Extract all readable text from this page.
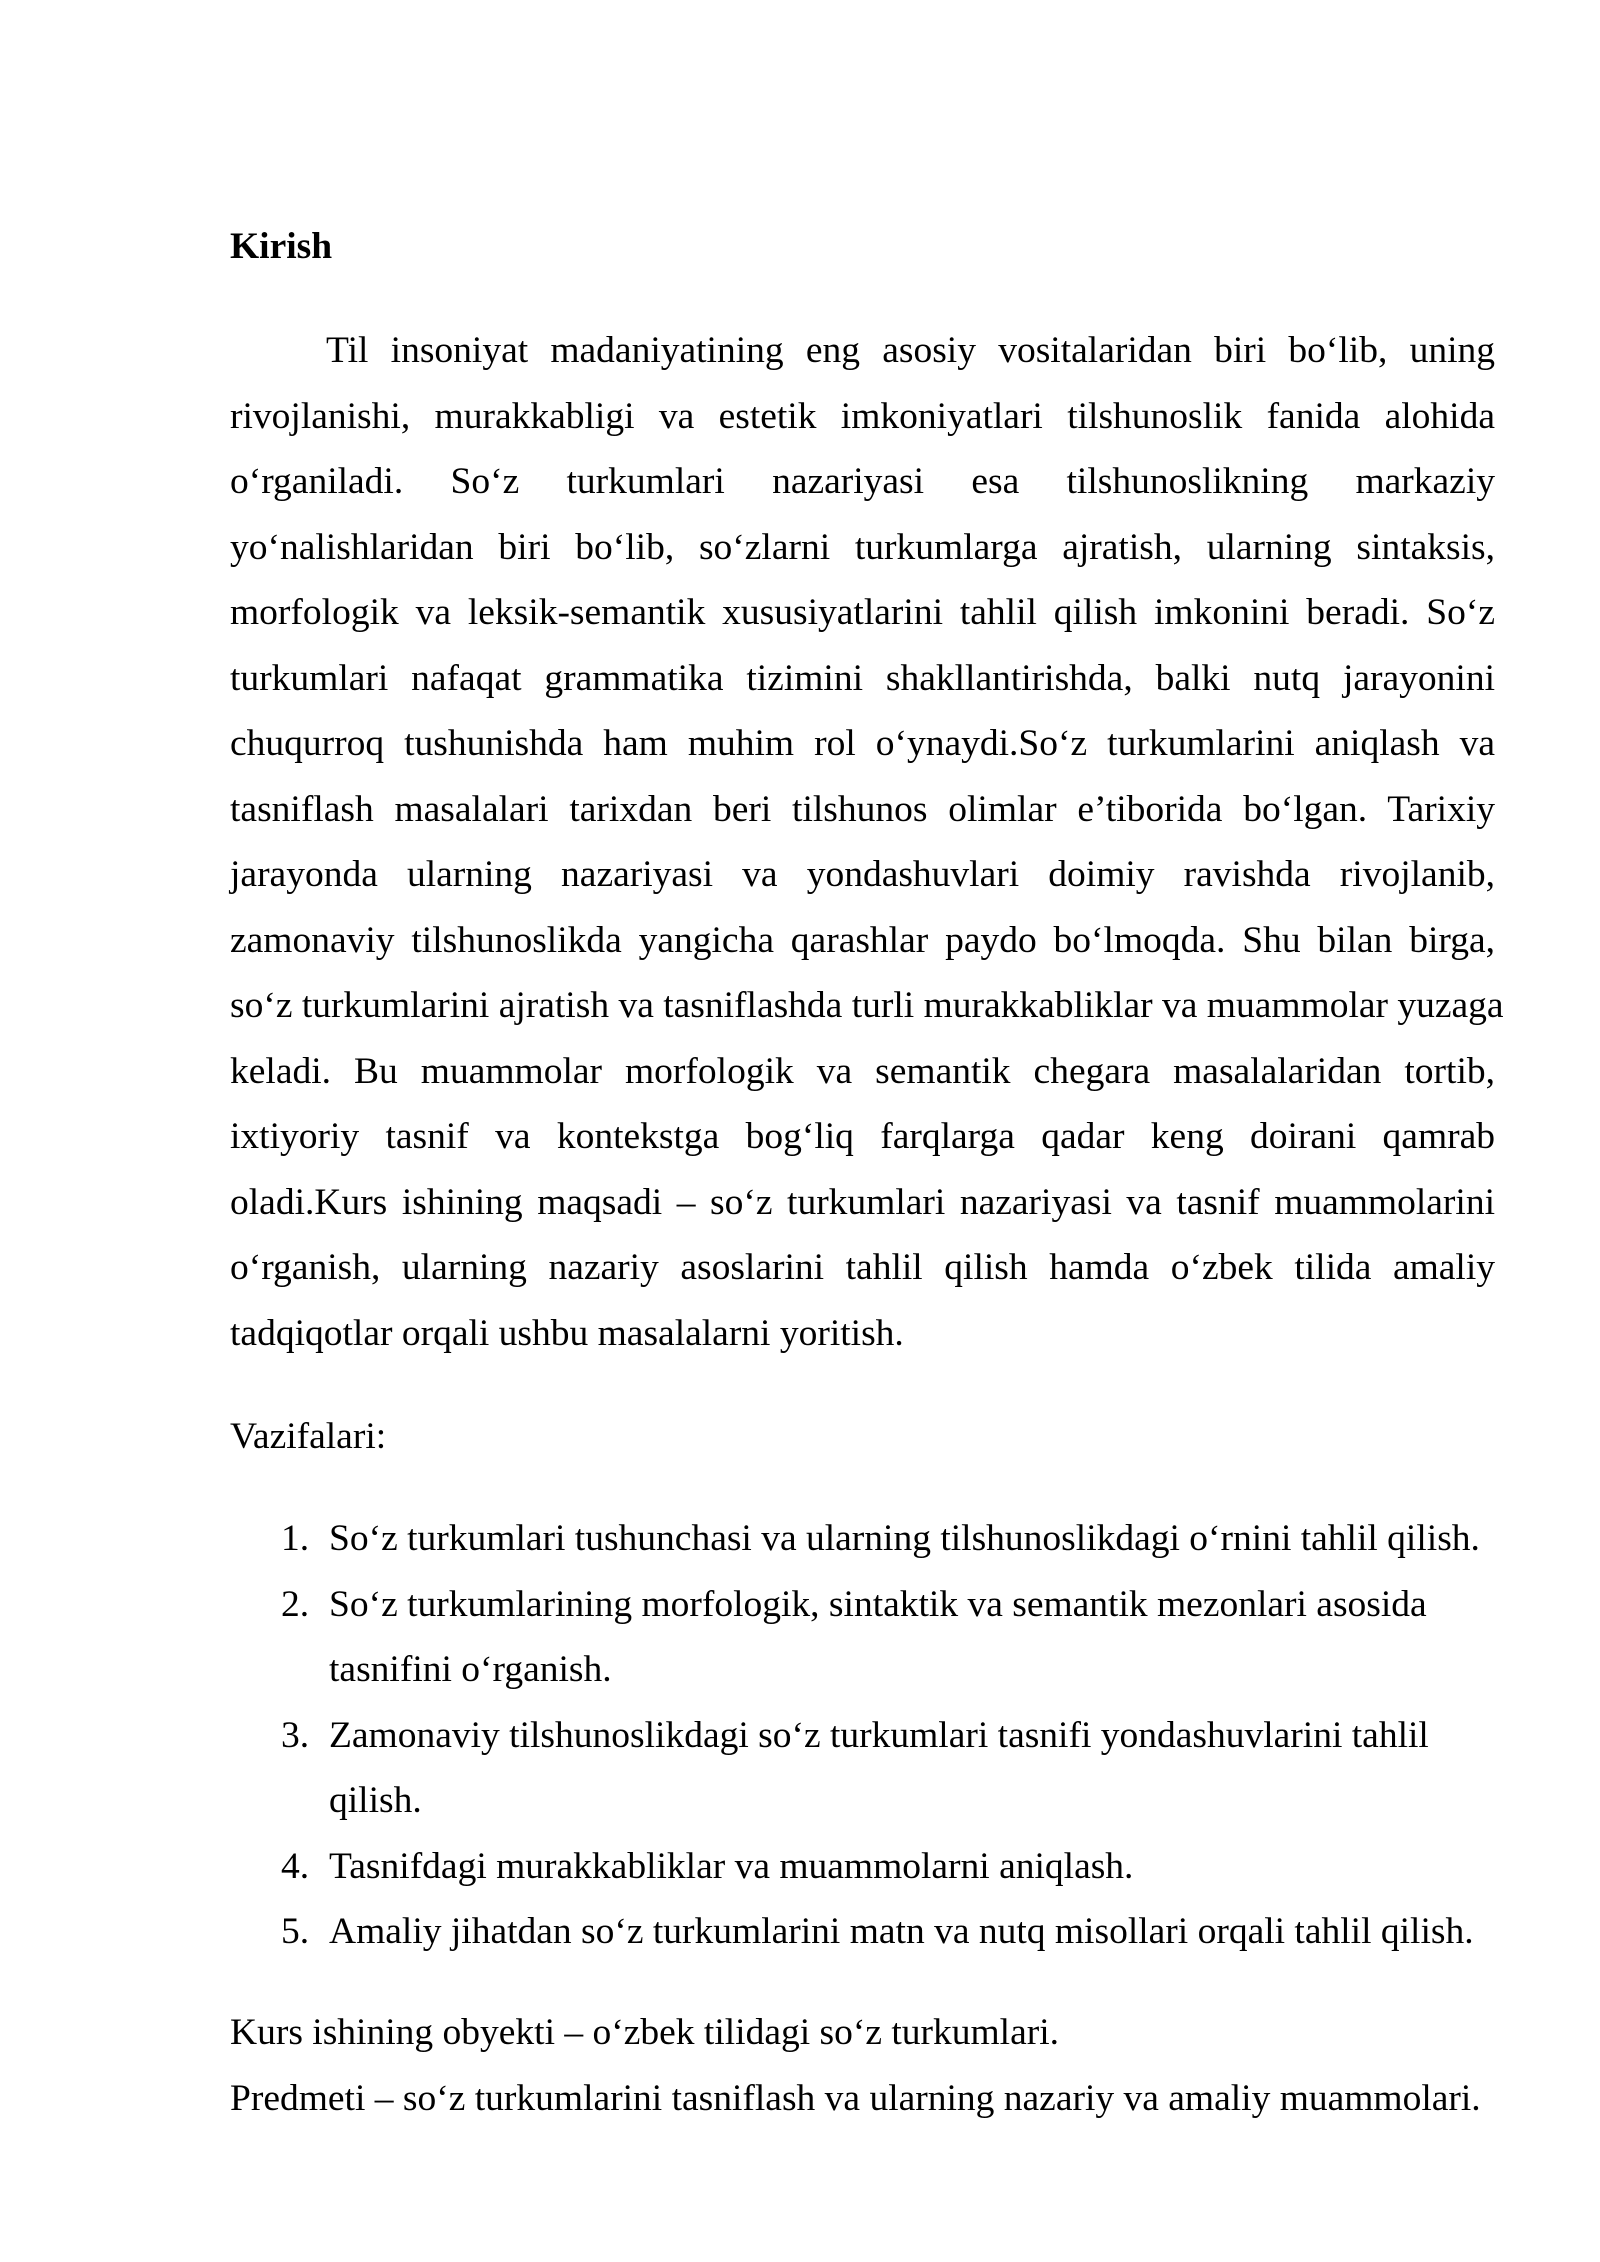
Kirish
Til insoniyat madaniyatining eng asosiy vositalaridan biri bo‘lib, uning
rivojlanishi, murakkabligi va estetik imkoniyatlari tilshunoslik fanida alohida
o‘rganiladi. So‘z turkumlari nazariyasi esa tilshunoslikning markaziy
yo‘nalishlaridan biri bo‘lib, so‘zlarni turkumlarga ajratish, ularning sintaksis,
morfologik va leksik-semantik xususiyatlarini tahlil qilish imkonini beradi. So‘z
turkumlari nafaqat grammatika tizimini shakllantirishda, balki nutq jarayonini
chuqurroq tushunishda ham muhim rol o‘ynaydi.So‘z turkumlarini aniqlash va
tasniflash masalalari tarixdan beri tilshunos olimlar e’tiborida bo‘lgan. Tarixiy
jarayonda ularning nazariyasi va yondashuvlari doimiy ravishda rivojlanib,
zamonaviy tilshunoslikda yangicha qarashlar paydo bo‘lmoqda. Shu bilan birga,
so‘z turkumlarini ajratish va tasniflashda turli murakkabliklar va muammolar yuzaga
keladi. Bu muammolar morfologik va semantik chegara masalalaridan tortib,
ixtiyoriy tasnif va kontekstga bog‘liq farqlarga qadar keng doirani qamrab
oladi.Kurs ishining maqsadi – so‘z turkumlari nazariyasi va tasnif muammolarini
o‘rganish, ularning nazariy asoslarini tahlil qilish hamda o‘zbek tilida amaliy
tadqiqotlar orqali ushbu masalalarni yoritish.
Vazifalari:
1. So‘z turkumlari tushunchasi va ularning tilshunoslikdagi o‘rnini tahlil qilish.
2. So‘z turkumlarining morfologik, sintaktik va semantik mezonlari asosida
tasnifini o‘rganish.
3. Zamonaviy tilshunoslikdagi so‘z turkumlari tasnifi yondashuvlarini tahlil
qilish.
4. Tasnifdagi murakkabliklar va muammolarni aniqlash.
5. Amaliy jihatdan so‘z turkumlarini matn va nutq misollari orqali tahlil qilish.
Kurs ishining obyekti – o‘zbek tilidagi so‘z turkumlari.
Predmeti – so‘z turkumlarini tasniflash va ularning nazariy va amaliy muammolari.
